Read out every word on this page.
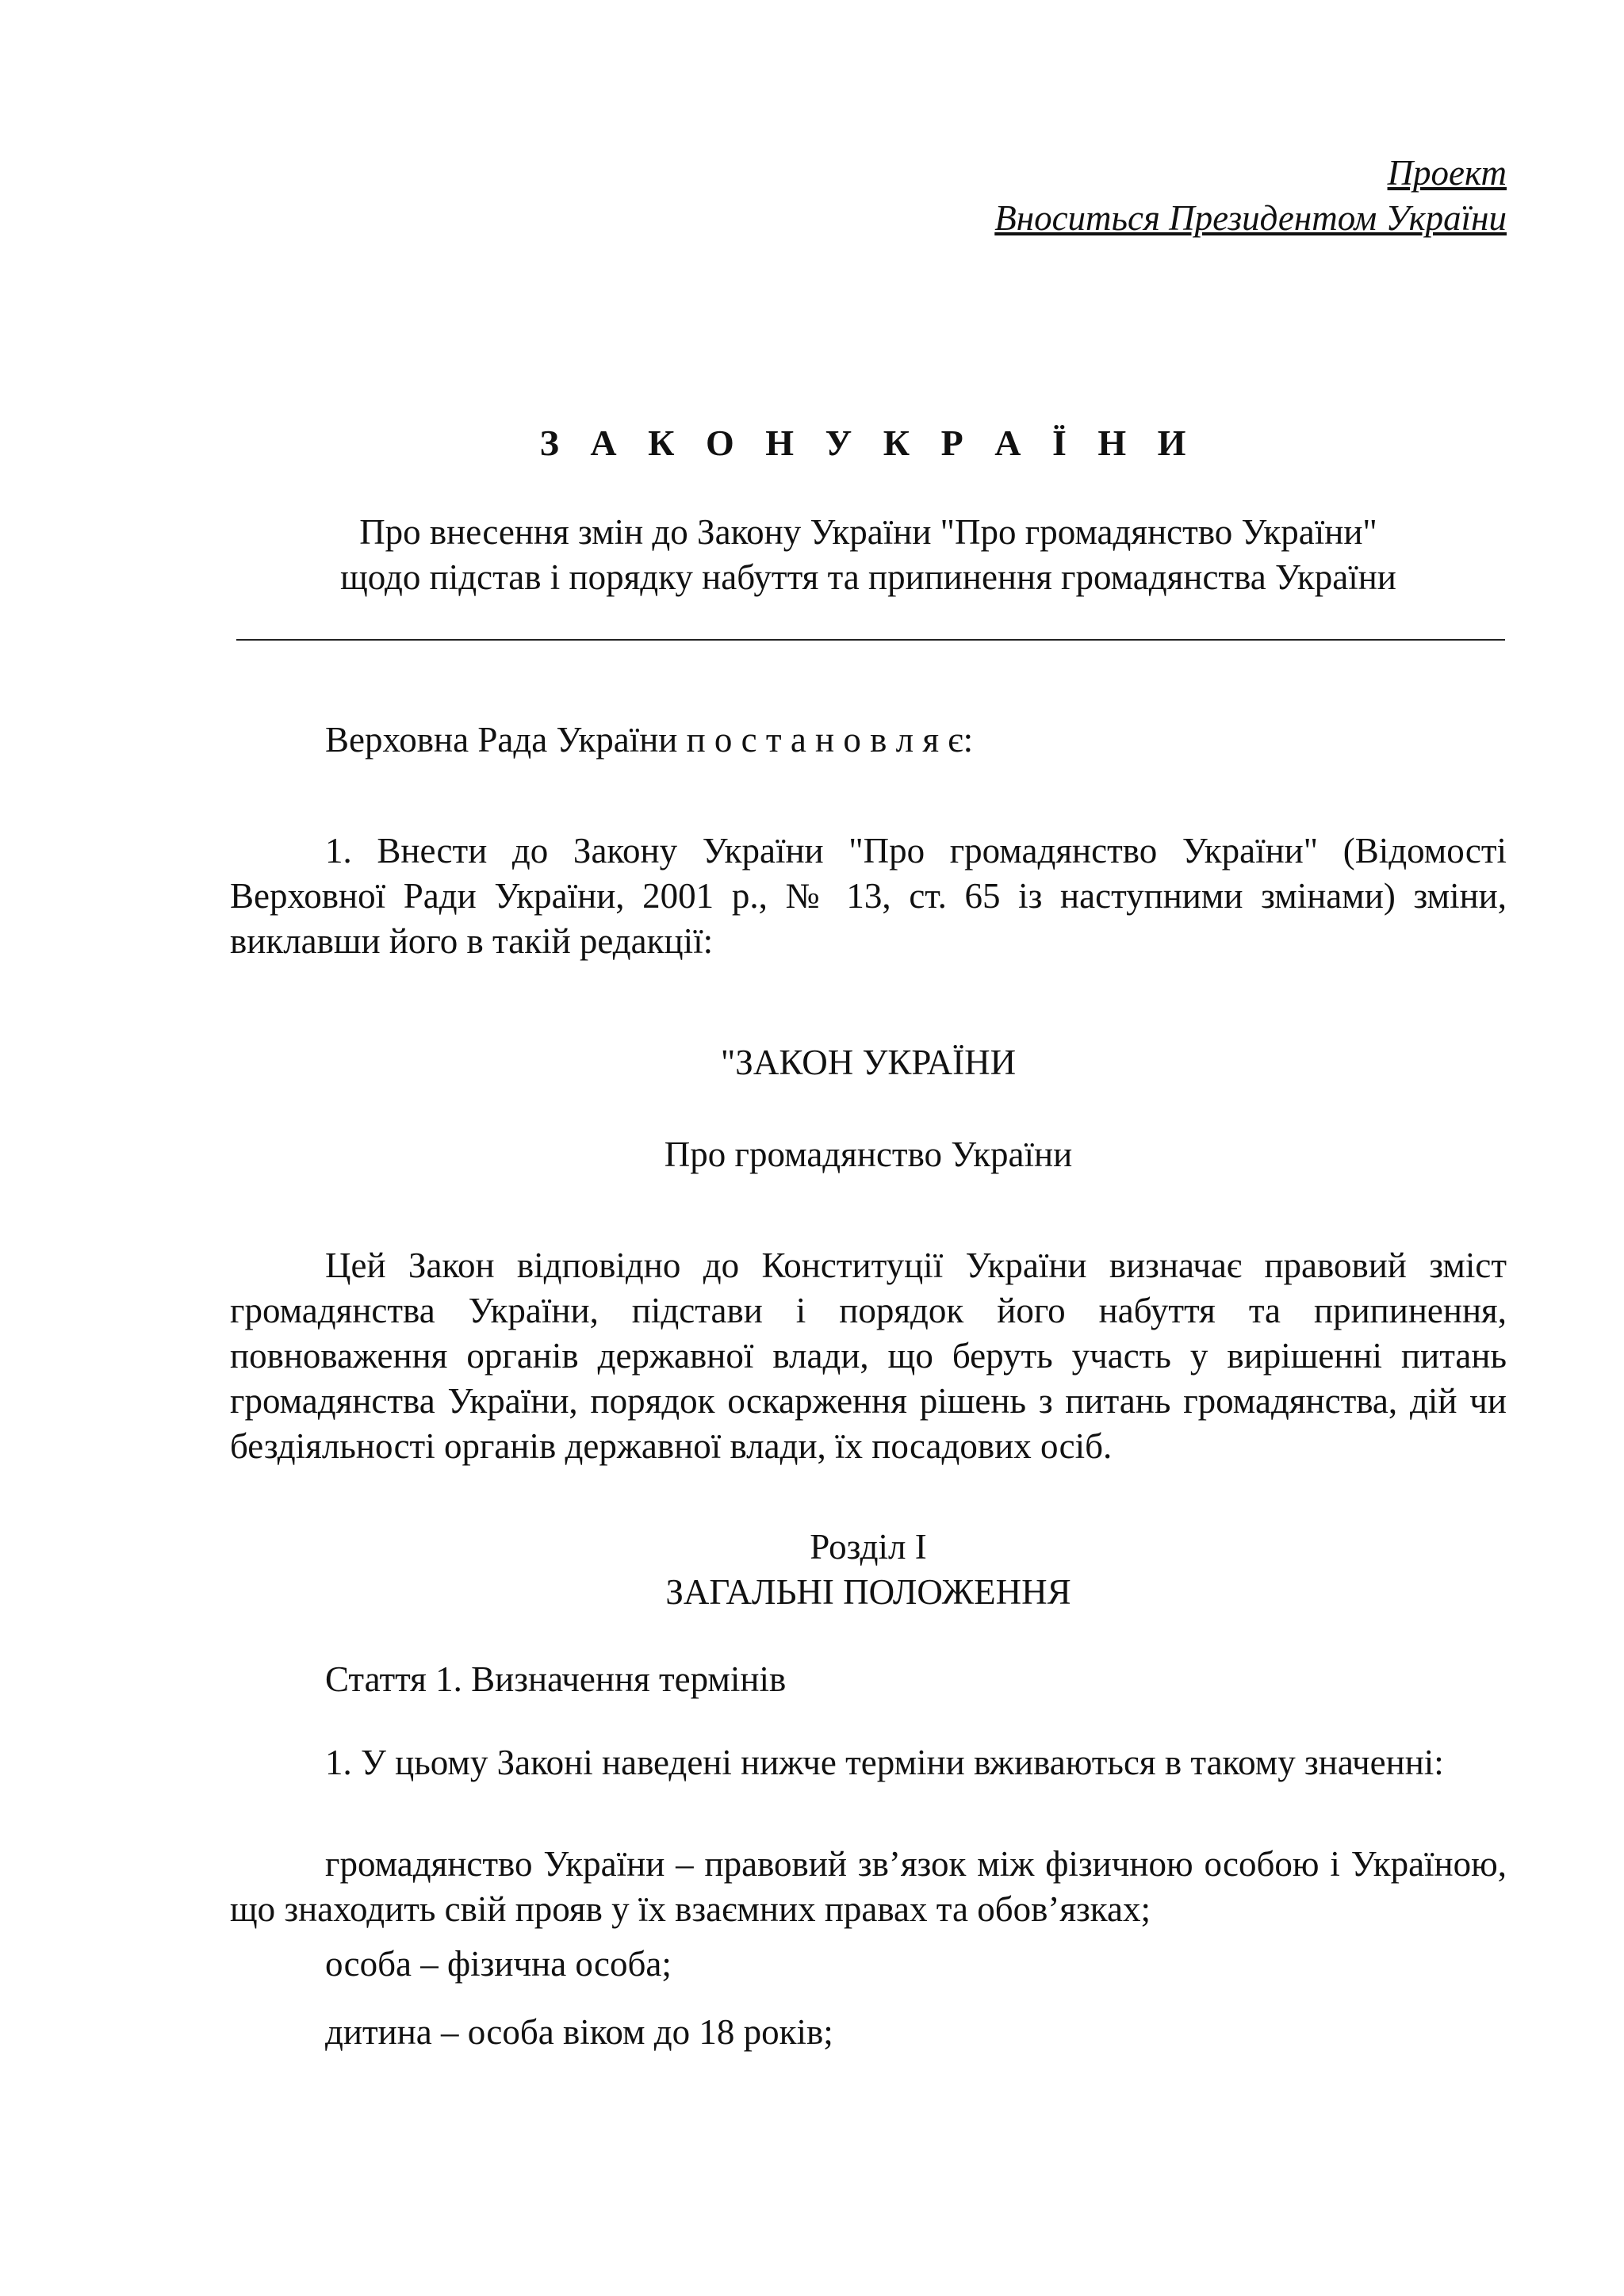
Проект

Вноситься Президентом України

З А К О Н У К Р А Ї Н И

Про внесення змін до Закону України "Про громадянство України"

щодо підстав і порядку набуття та припинення громадянства України

Верховна Рада України п о с т а н о в л я є:
1. Внести до Закону України "Про громадянство України" (Відомості Верховної Ради України, 2001 р., № 13, ст. 65 із наступними змінами) зміни, виклавши його в такій редакції:
"ЗАКОН УКРАЇНИ
Про громадянство України
Цей Закон відповідно до Конституції України визначає правовий зміст громадянства України, підстави і порядок його набуття та припинення, повноваження органів державної влади, що беруть участь у вирішенні питань громадянства України, порядок оскарження рішень з питань громадянства, дій чи бездіяльності органів державної влади, їх посадових осіб.

Розділ І

ЗАГАЛЬНІ ПОЛОЖЕННЯ

Стаття 1. Визначення термінів
1. У цьому Законі наведені нижче терміни вживаються в такому значенні:
громадянство України – правовий зв’язок між фізичною особою і Україною, що знаходить свій прояв у їх взаємних правах та обов’язках;
особа – фізична особа;
дитина – особа віком до 18 років;
